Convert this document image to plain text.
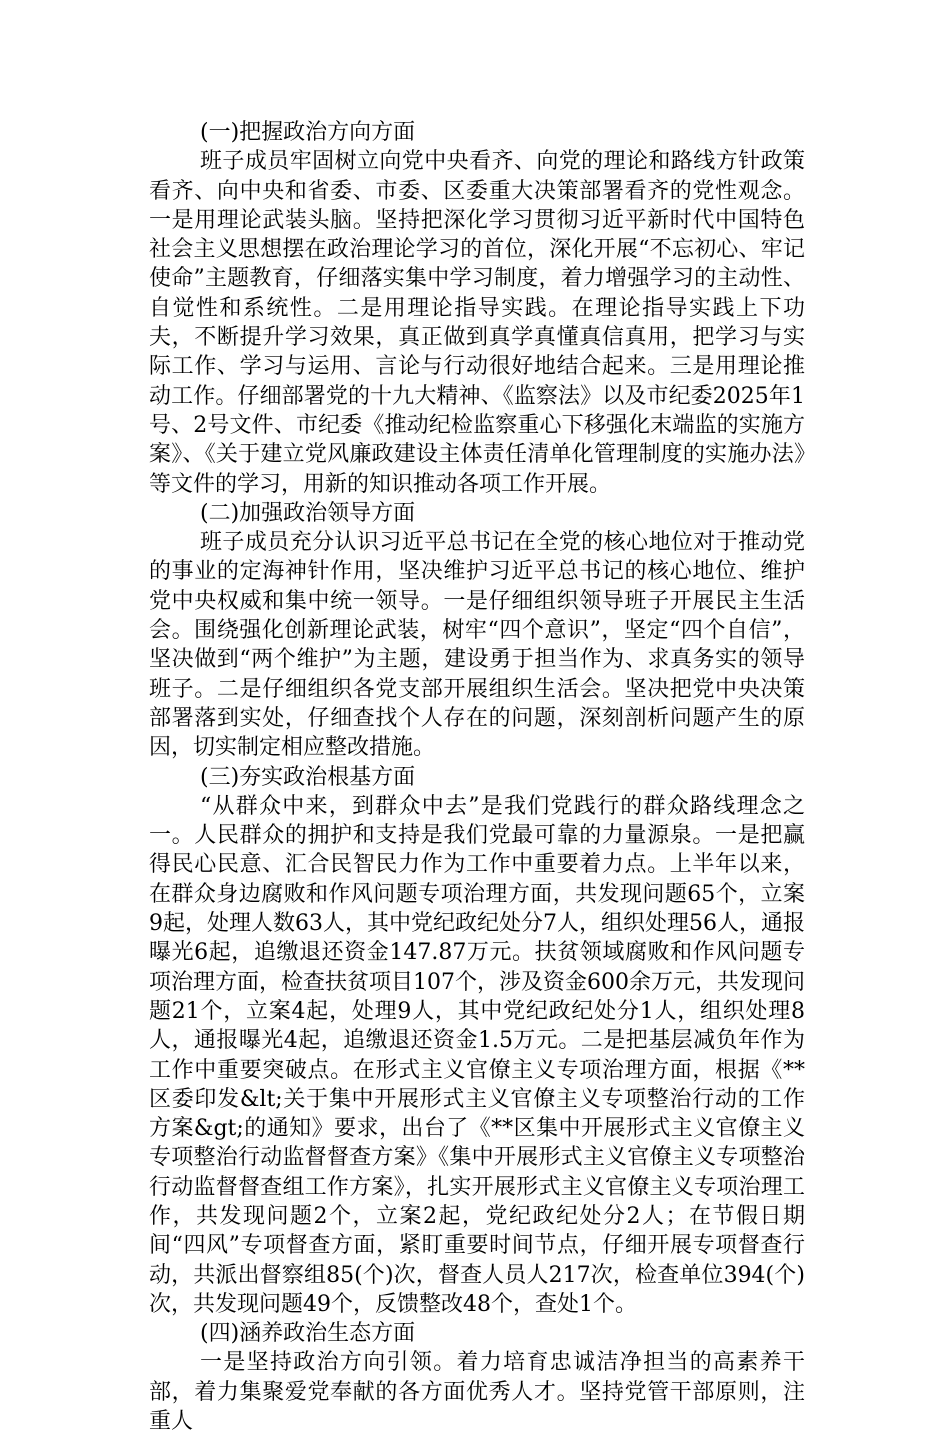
(一)把握政治方向方面

班子成员牢固树立向党中央看齐、向党的理论和路线方针政策看齐、向中央和省委、市委、区委重大决策部署看齐的党性观念。一是用理论武装头脑。坚持把深化学习贯彻习近平新时代中国特色社会主义思想摆在政治理论学习的首位，深化开展“不忘初心、牢记使命”主题教育，仔细落实集中学习制度，着力增强学习的主动性、自觉性和系统性。二是用理论指导实践。在理论指导实践上下功夫，不断提升学习效果，真正做到真学真懂真信真用，把学习与实际工作、学习与运用、言论与行动很好地结合起来。三是用理论推动工作。仔细部署党的十九大精神、《监察法》以及市纪委2025年1号、2号文件、市纪委《推动纪检监察重心下移强化末端监的实施方案》、《关于建立党风廉政建设主体责任清单化管理制度的实施办法》等文件的学习，用新的知识推动各项工作开展。

(二)加强政治领导方面

班子成员充分认识习近平总书记在全党的核心地位对于推动党的事业的定海神针作用，坚决维护习近平总书记的核心地位、维护党中央权威和集中统一领导。一是仔细组织领导班子开展民主生活会。围绕强化创新理论武装，树牢“四个意识”，坚定“四个自信”，坚决做到“两个维护”为主题，建设勇于担当作为、求真务实的领导班子。二是仔细组织各党支部开展组织生活会。坚决把党中央决策部署落到实处，仔细查找个人存在的问题，深刻剖析问题产生的原因，切实制定相应整改措施。

(三)夯实政治根基方面

“从群众中来，到群众中去”是我们党践行的群众路线理念之一。人民群众的拥护和支持是我们党最可靠的力量源泉。一是把赢得民心民意、汇合民智民力作为工作中重要着力点。上半年以来，在群众身边腐败和作风问题专项治理方面，共发现问题65个，立案9起，处理人数63人，其中党纪政纪处分7人，组织处理56人，通报曝光6起，追缴退还资金147.87万元。扶贫领域腐败和作风问题专项治理方面，检查扶贫项目107个，涉及资金600余万元，共发现问题21个，立案4起，处理9人，其中党纪政纪处分1人，组织处理8人，通报曝光4起，追缴退还资金1.5万元。二是把基层减负年作为工作中重要突破点。在形式主义官僚主义专项治理方面，根据《**区委印发&lt;关于集中开展形式主义官僚主义专项整治行动的工作方案&gt;的通知》要求，出台了《**区集中开展形式主义官僚主义专项整治行动监督督查方案》《集中开展形式主义官僚主义专项整治行动监督督查组工作方案》，扎实开展形式主义官僚主义专项治理工作，共发现问题2个，立案2起，党纪政纪处分2人；在节假日期间“四风”专项督查方面，紧盯重要时间节点，仔细开展专项督查行动，共派出督察组85(个)次，督查人员人217次，检查单位394(个)次，共发现问题49个，反馈整改48个，查处1个。

(四)涵养政治生态方面

一是坚持政治方向引领。着力培育忠诚洁净担当的高素养干部，着力集聚爱党奉献的各方面优秀人才。坚持党管干部原则，注重人
